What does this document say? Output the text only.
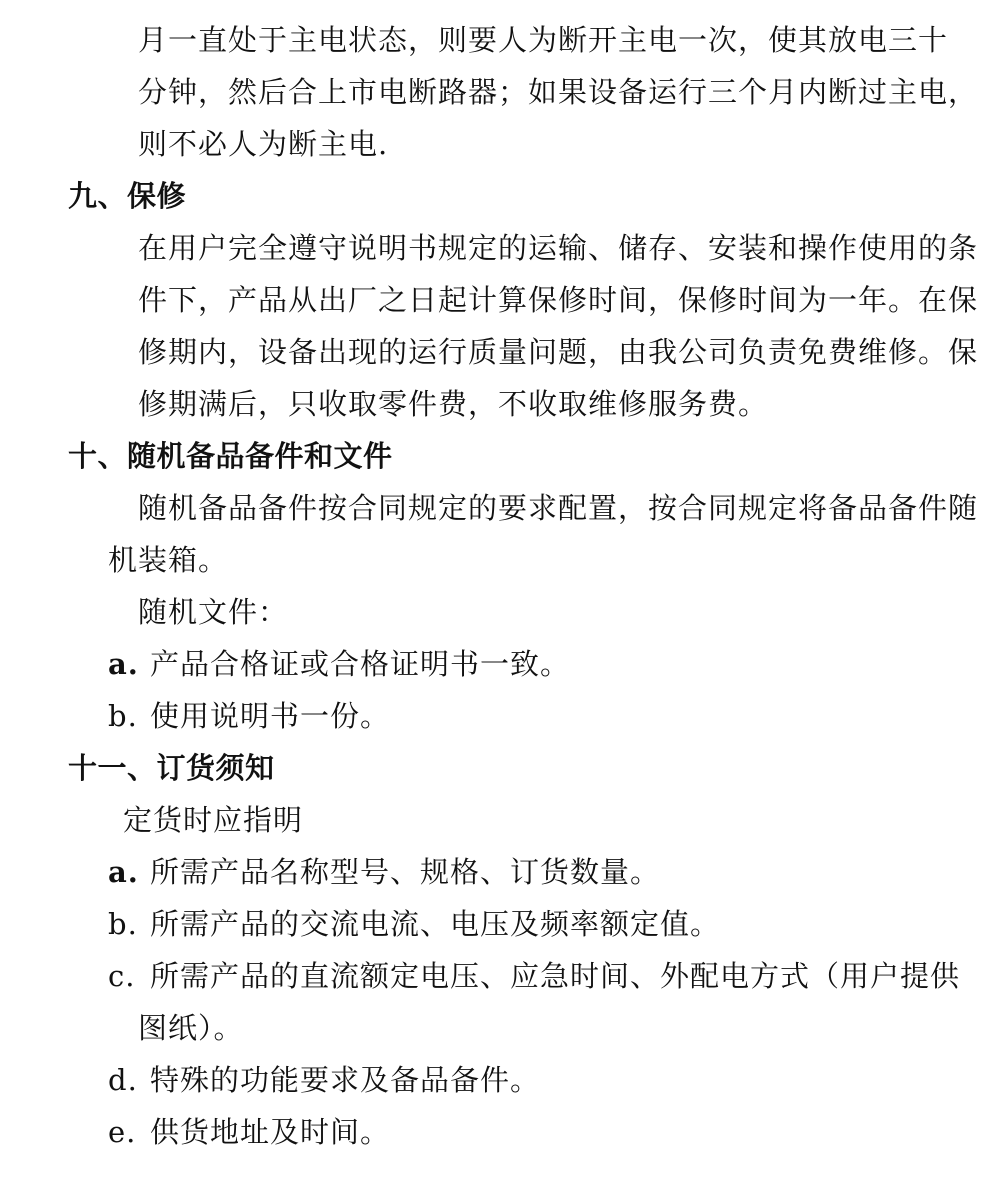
月一直处于主电状态，则要人为断开主电一次，使其放电三十
分钟，然后合上市电断路器；如果设备运行三个月内断过主电，
则不必人为断主电.
九、保修
在用户完全遵守说明书规定的运输、储存、安装和操作使用的条
件下，产品从出厂之日起计算保修时间，保修时间为一年。在保
修期内，设备出现的运行质量问题，由我公司负责免费维修。保
修期满后，只收取零件费，不收取维修服务费。
十、随机备品备件和文件
随机备品备件按合同规定的要求配置，按合同规定将备品备件随
机装箱。
随机文件：
a. 产品合格证或合格证明书一致。
b. 使用说明书一份。
十一、订货须知
定货时应指明
a. 所需产品名称型号、规格、订货数量。
b. 所需产品的交流电流、电压及频率额定值。
c. 所需产品的直流额定电压、应急时间、外配电方式（用户提供
图纸）。
d. 特殊的功能要求及备品备件。
e. 供货地址及时间。
